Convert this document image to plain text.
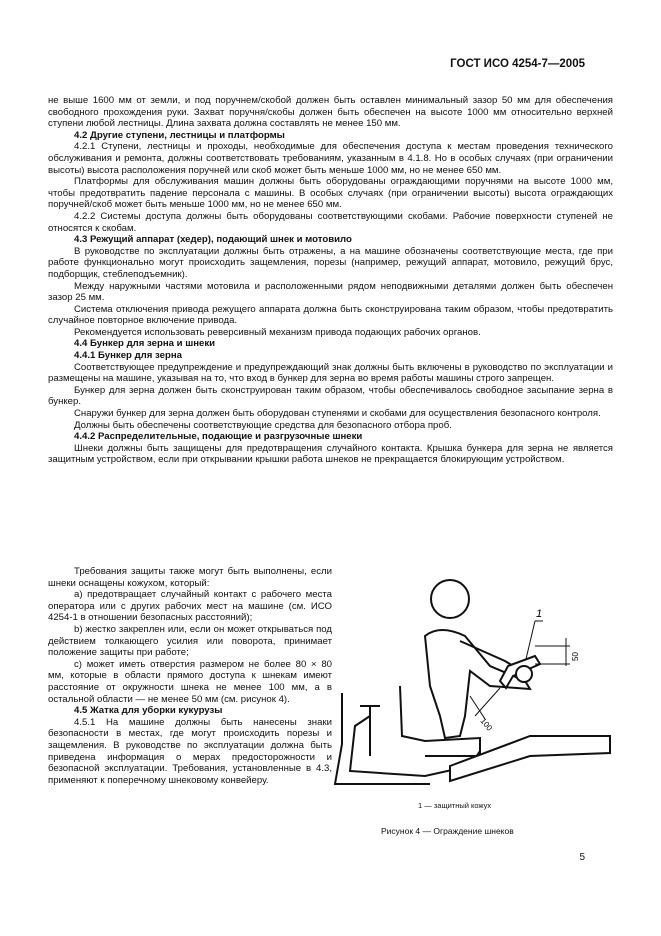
ГОСТ ИСО 4254-7—2005

не выше 1600 мм от земли, и под поручнем/скобой должен быть оставлен минимальный зазор 50 мм для обеспечения свободного прохождения руки. Захват поручня/скобы должен быть обеспечен на высоте 1000 мм относительно верхней ступени любой лестницы. Длина захвата должна составлять не менее 150 мм.

4.2 Другие ступени, лестницы и платформы

4.2.1 Ступени, лестницы и проходы, необходимые для обеспечения доступа к местам проведения технического обслуживания и ремонта, должны соответствовать требованиям, указанным в 4.1.8. Но в особых случаях (при ограничении высоты) высота расположения поручней или скоб может быть меньше 1000 мм, но не менее 650 мм.

Платформы для обслуживания машин должны быть оборудованы ограждающими поручнями на высоте 1000 мм, чтобы предотвратить падение персонала с машины. В особых случаях (при ограничении высоты) высота ограждающих поручней/скоб может быть меньше 1000 мм, но не менее 650 мм.

4.2.2 Системы доступа должны быть оборудованы соответствующими скобами. Рабочие поверхности ступеней не относятся к скобам.

4.3 Режущий аппарат (хедер), подающий шнек и мотовило

В руководстве по эксплуатации должны быть отражены, а на машине обозначены соответствующие места, где при работе функционально могут происходить защемления, порезы (например, режущий аппарат, мотовило, режущий брус, подборщик, стеблеподъемник).

Между наружными частями мотовила и расположенными рядом неподвижными деталями должен быть обеспечен зазор 25 мм.

Система отключения привода режущего аппарата должна быть сконструирована таким образом, чтобы предотвратить случайное повторное включение привода.

Рекомендуется использовать реверсивный механизм привода подающих рабочих органов.

4.4 Бункер для зерна и шнеки

4.4.1 Бункер для зерна

Соответствующее предупреждение и предупреждающий знак должны быть включены в руководство по эксплуатации и размещены на машине, указывая на то, что вход в бункер для зерна во время работы машины строго запрещен.

Бункер для зерна должен быть сконструирован таким образом, чтобы обеспечивалось свободное засыпание зерна в бункер.

Снаружи бункер для зерна должен быть оборудован ступенями и скобами для осуществления безопасного контроля.

Должны быть обеспечены соответствующие средства для безопасного отбора проб.

4.4.2 Распределительные, подающие и разгрузочные шнеки

Шнеки должны быть защищены для предотвращения случайного контакта. Крышка бункера для зерна не является защитным устройством, если при открывании крышки работа шнеков не прекращается блокирующим устройством.

Требования защиты также могут быть выполнены, если шнеки оснащены кожухом, который:

a) предотвращает случайный контакт с рабочего места оператора или с других рабочих мест на машине (см. ИСО 4254-1 в отношении безопасных расстояний);

b) жестко закреплен или, если он может открываться под действием толкающего усилия или поворота, принимает положение защиты при работе;

c) может иметь отверстия размером не более 80 × 80 мм, которые в области прямого доступа к шнекам имеют расстояние от окружности шнека не менее 100 мм, а в остальной области — не менее 50 мм (см. рисунок 4).

4.5 Жатка для уборки кукурузы

4.5.1 На машине должны быть нанесены знаки безопасности в местах, где могут происходить порезы и защемления. В руководстве по эксплуатации должна быть приведена информация о мерах предосторожности и безопасной эксплуатации. Требования, установленные в 4.3, применяют к поперечному шнековому конвейеру.

1
50
100
1 — защитный кожух
Рисунок 4 — Ограждение шнеков
5
